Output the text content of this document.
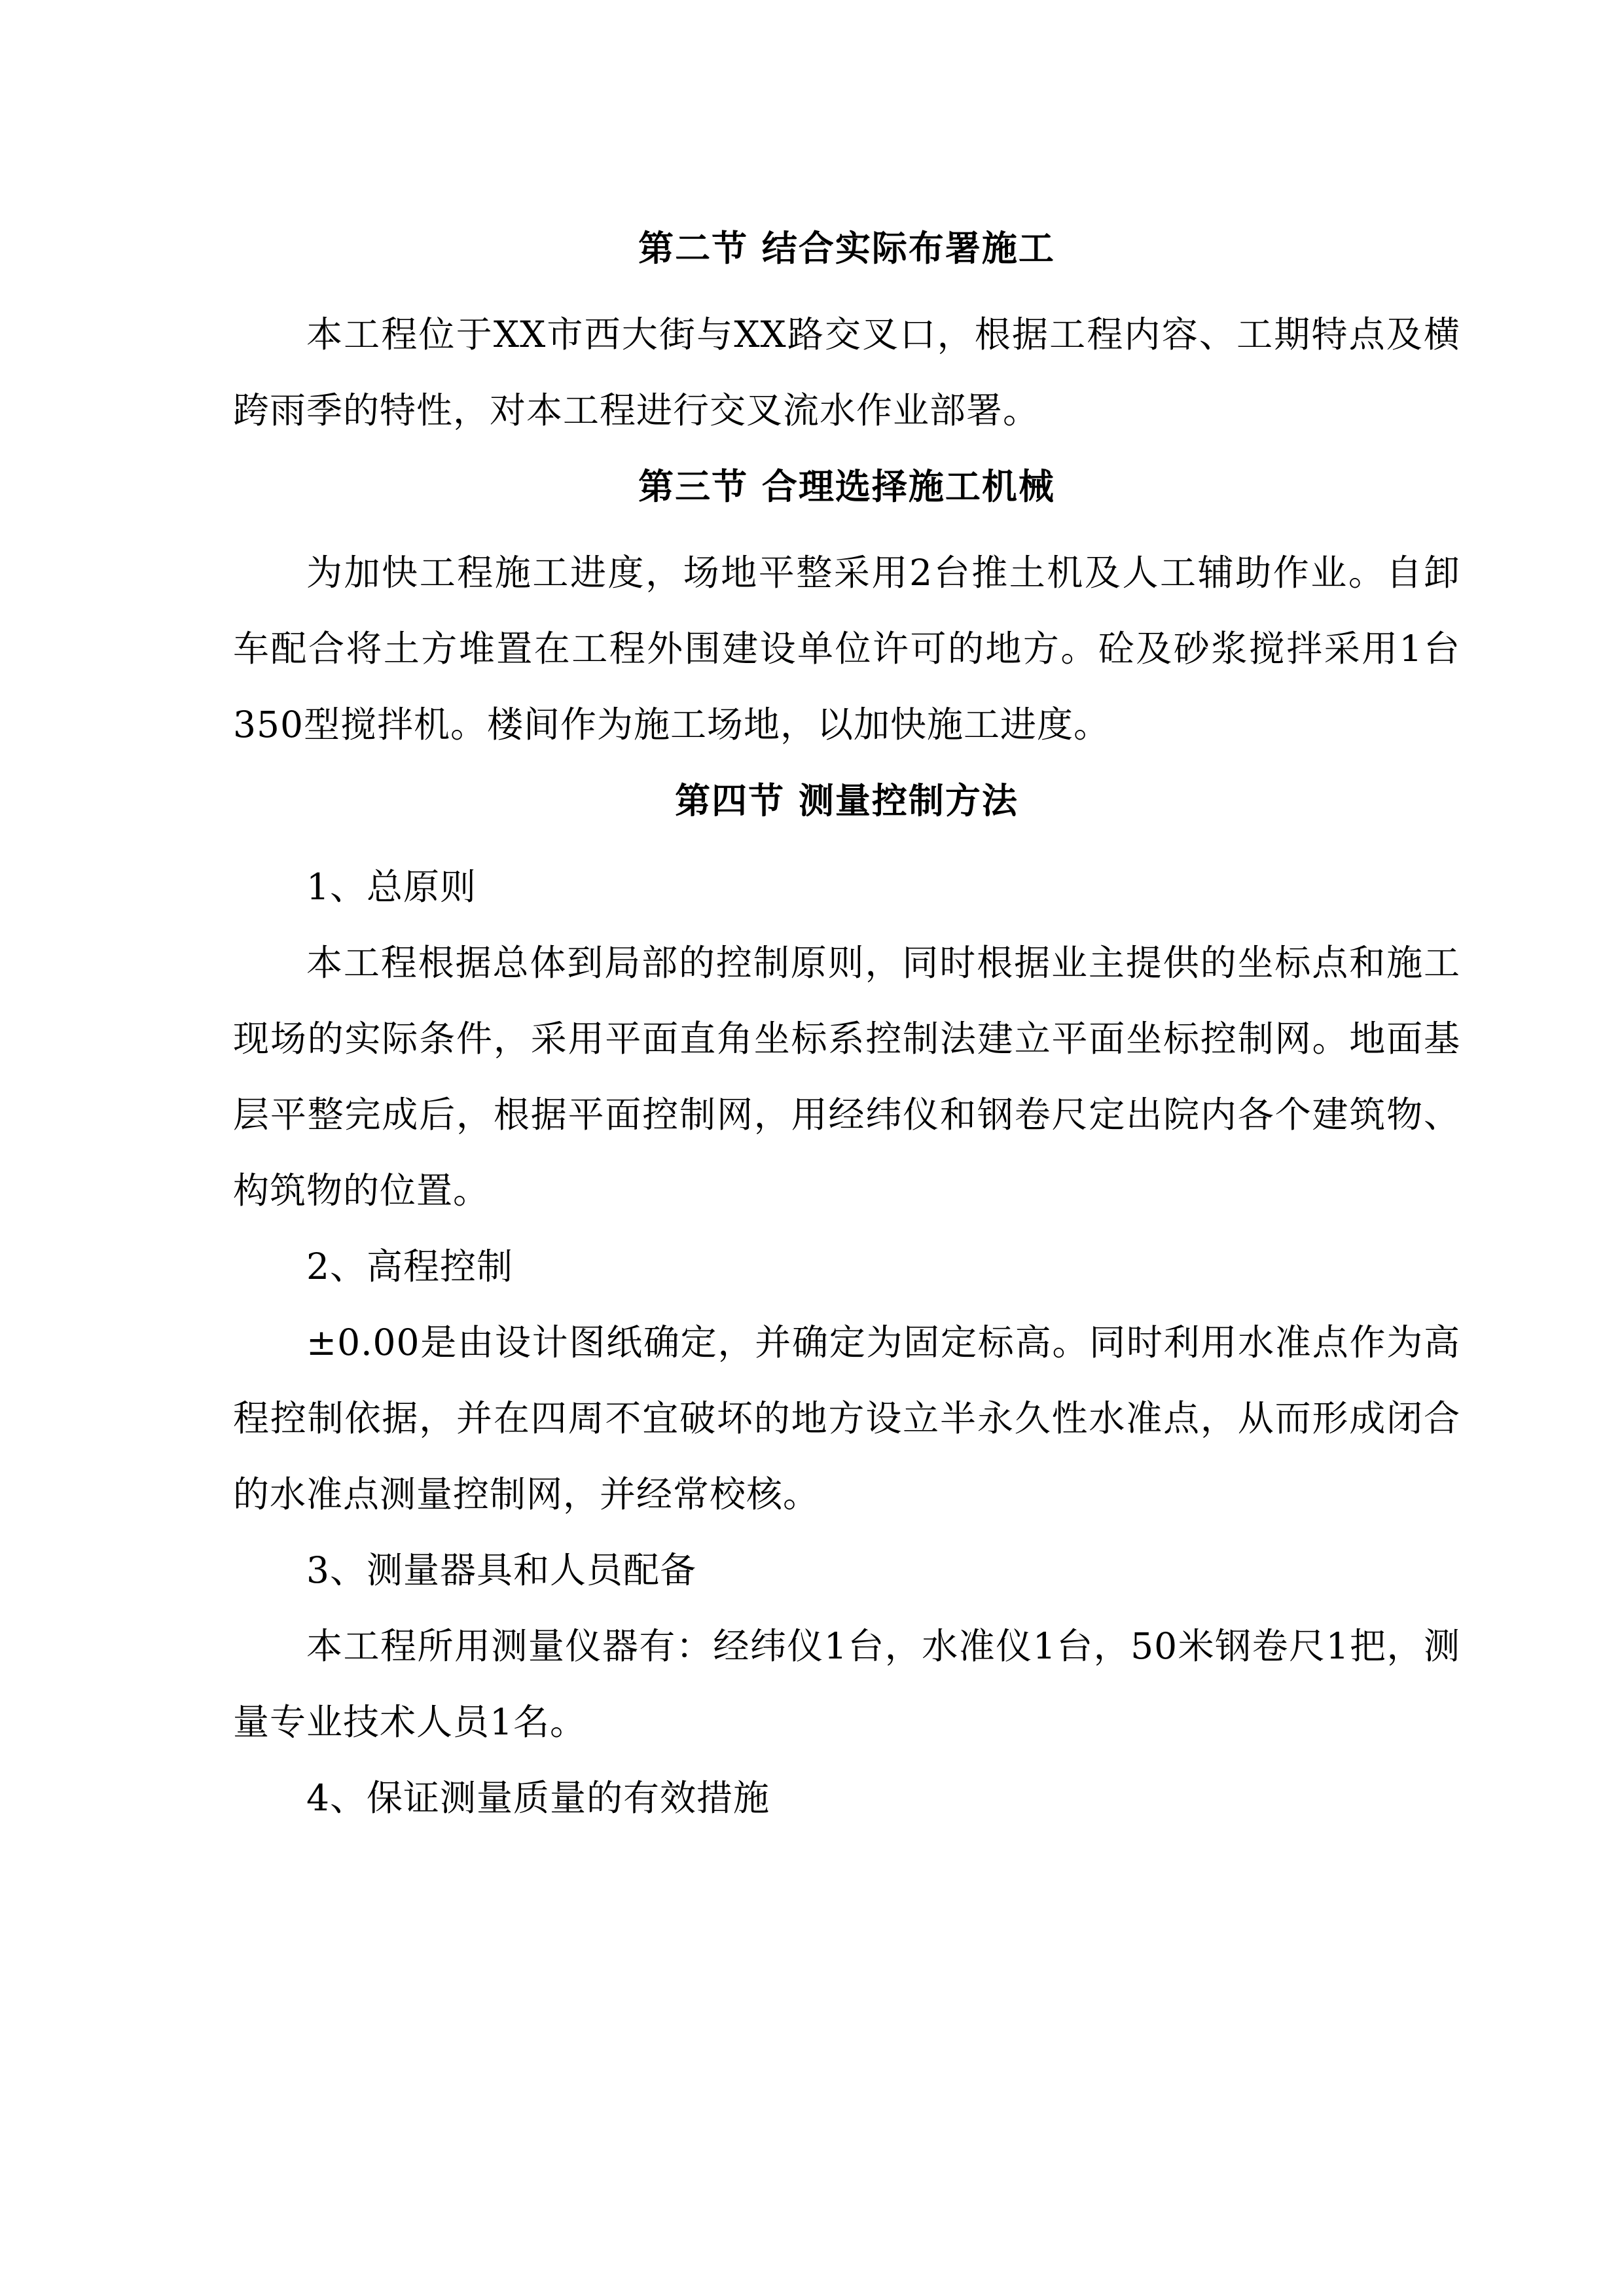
第二节 结合实际布署施工

本工程位于XX市西大街与XX路交叉口，根据工程内容、工期特点及横跨雨季的特性，对本工程进行交叉流水作业部署。

第三节 合理选择施工机械

为加快工程施工进度，场地平整采用2台推土机及人工辅助作业。自卸车配合将土方堆置在工程外围建设单位许可的地方。砼及砂浆搅拌采用1台350型搅拌机。楼间作为施工场地，以加快施工进度。

第四节 测量控制方法

1、总原则

本工程根据总体到局部的控制原则，同时根据业主提供的坐标点和施工现场的实际条件，采用平面直角坐标系控制法建立平面坐标控制网。地面基层平整完成后，根据平面控制网，用经纬仪和钢卷尺定出院内各个建筑物、构筑物的位置。

2、高程控制

±0.00是由设计图纸确定，并确定为固定标高。同时利用水准点作为高程控制依据，并在四周不宜破坏的地方设立半永久性水准点，从而形成闭合的水准点测量控制网，并经常校核。

3、测量器具和人员配备

本工程所用测量仪器有：经纬仪1台，水准仪1台，50米钢卷尺1把，测量专业技术人员1名。

4、保证测量质量的有效措施
